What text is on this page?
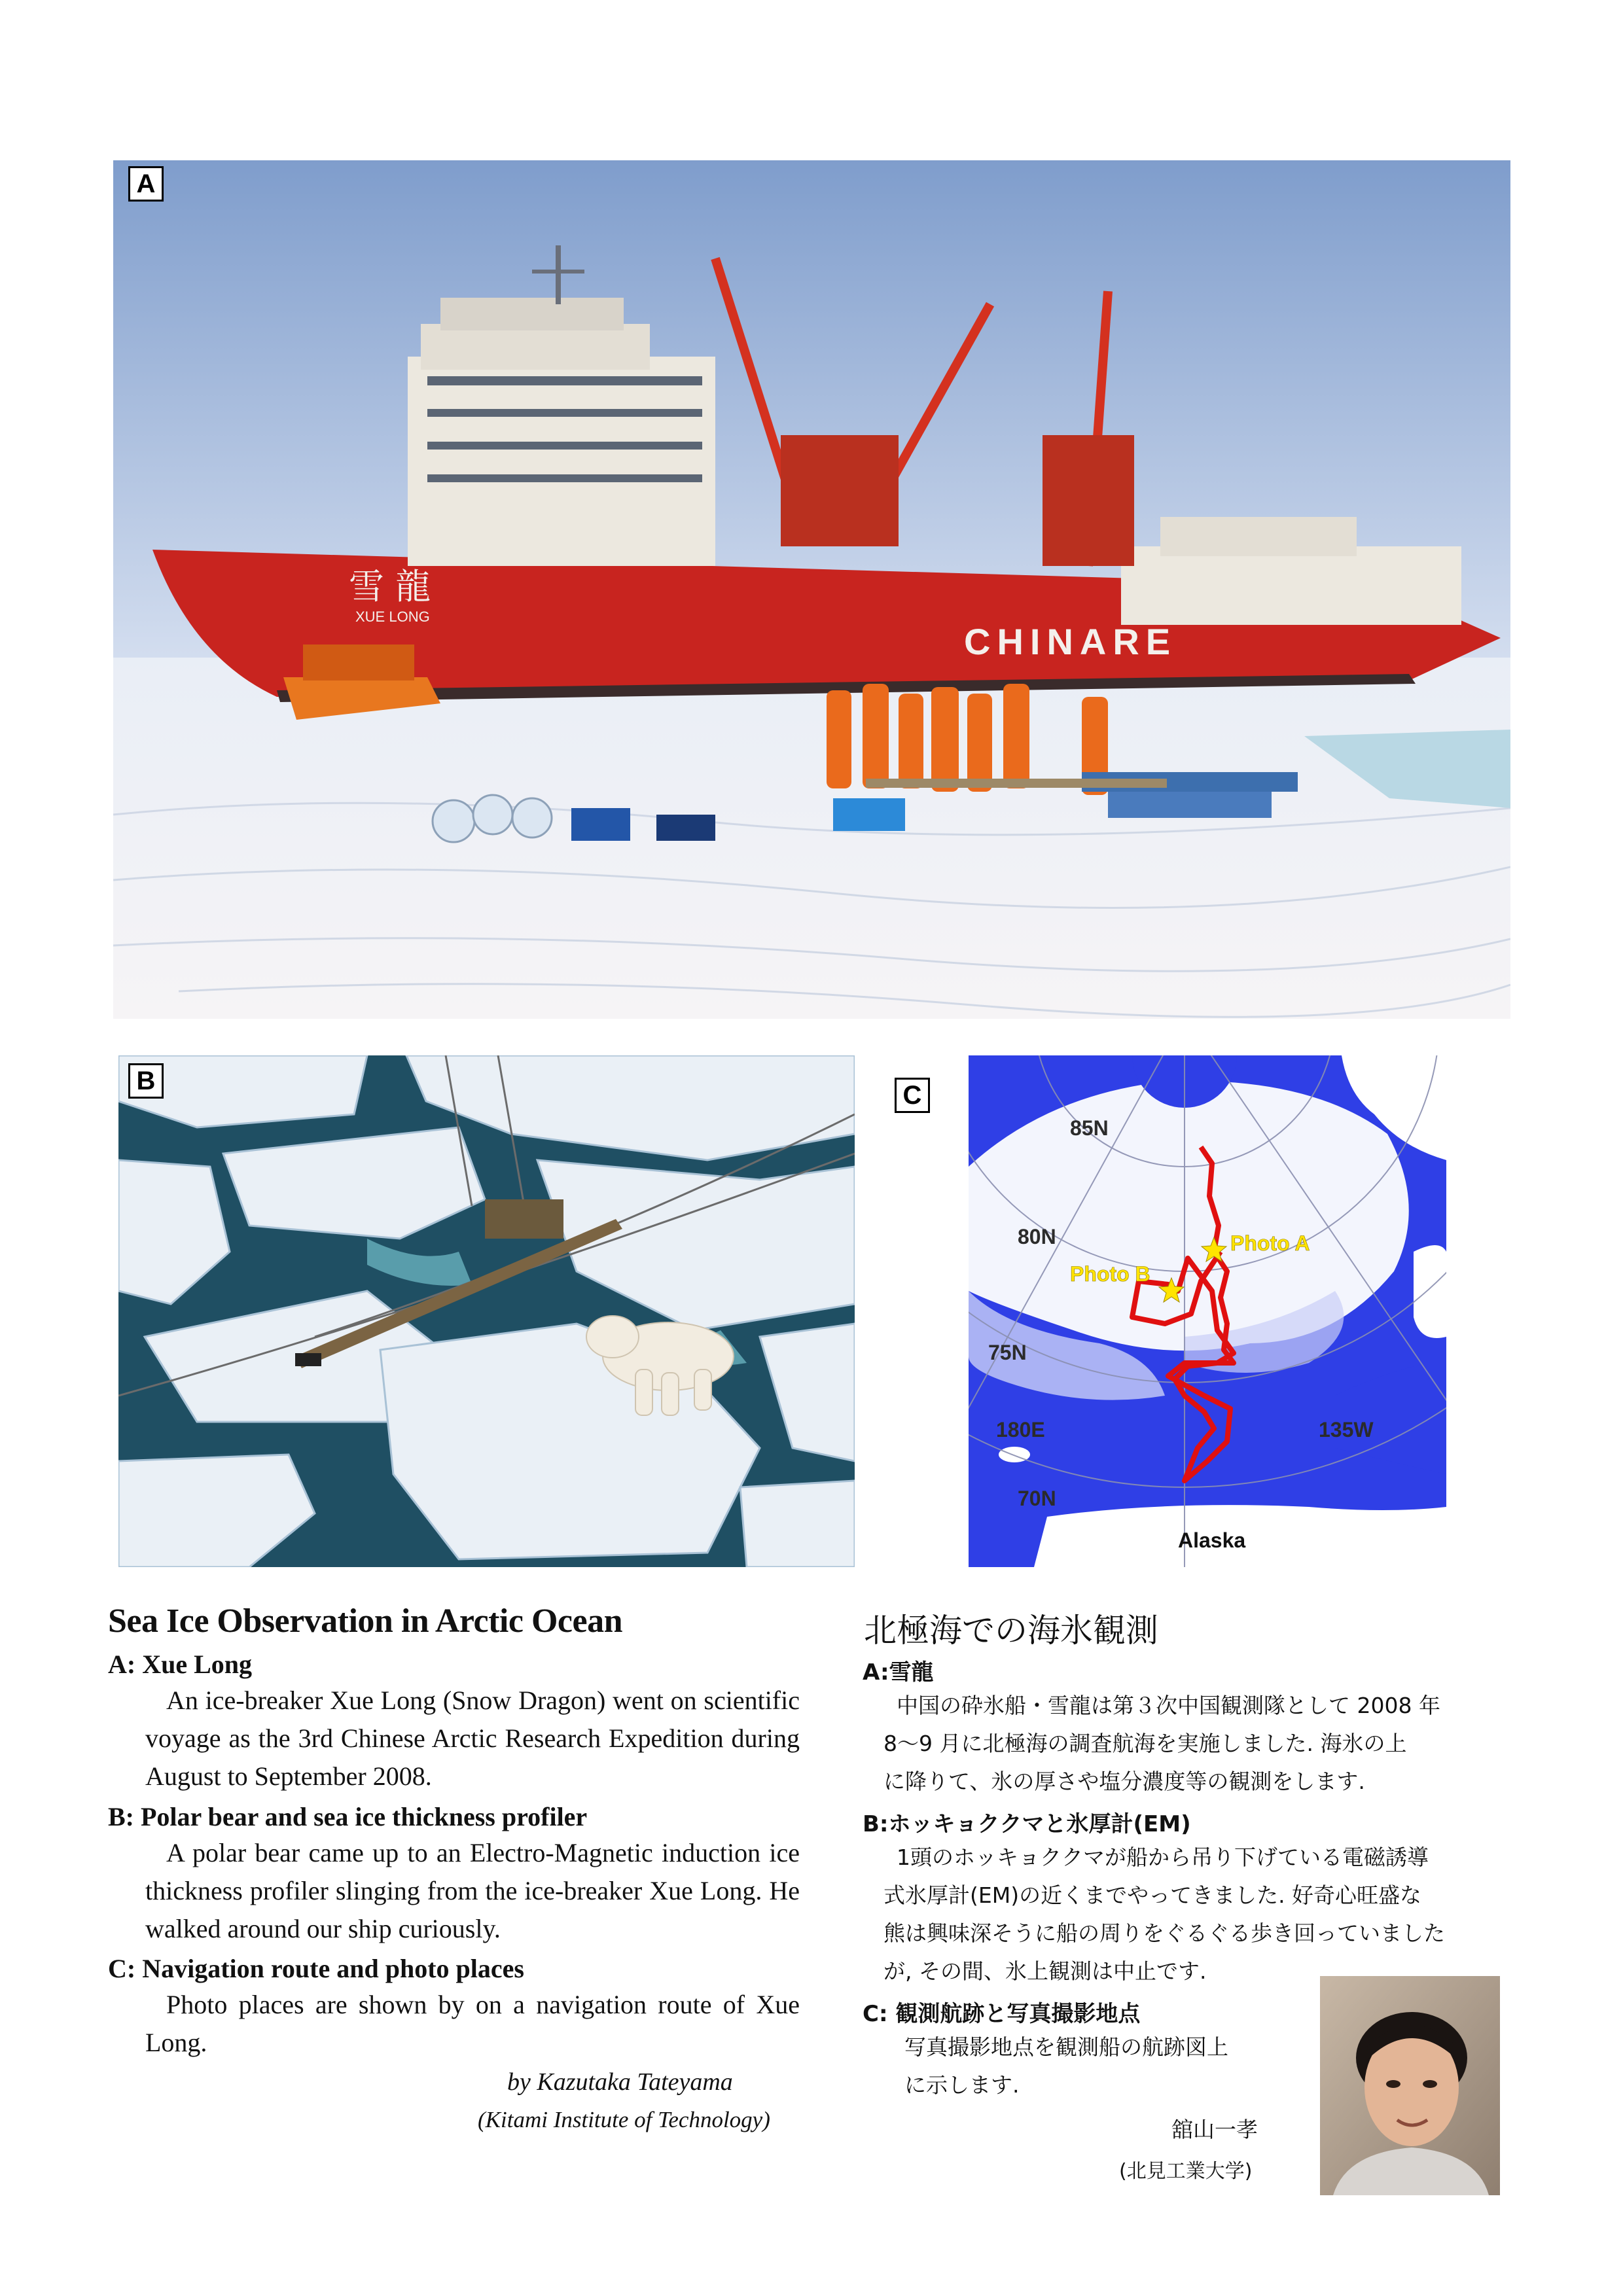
雪 龍
XUE LONG
CHINARE
A
B	C
85N
80N
75N
70N
180E	135W
Alaska
Photo A
Photo B
Sea Ice Observation in Arctic Ocean
A: Xue Long
An ice-breaker Xue Long (Snow Dragon) went on scientific voyage as the 3rd Chinese Arctic Research Expedition during August to September 2008.
B: Polar bear and sea ice thickness profiler
A polar bear came up to an Electro-Magnetic induction ice thickness profiler slinging from the ice-breaker Xue Long. He walked around our ship curiously.
C: Navigation route and photo places
Photo places are shown by on a navigation route of Xue Long.
by Kazutaka Tateyama
(Kitami Institute of Technology)
北極海での海氷観測
A:雪龍
中国の砕氷船・雪龍は第３次中国観測隊として 2008 年
8〜9 月に北極海の調査航海を実施しました. 海氷の上
に降りて、氷の厚さや塩分濃度等の観測をします.
B:ホッキョククマと氷厚計(EM)
1頭のホッキョククマが船から吊り下げている電磁誘導
式氷厚計(EM)の近くまでやってきました. 好奇心旺盛な
熊は興味深そうに船の周りをぐるぐる歩き回っていました
が, その間、氷上観測は中止です.
C: 観測航跡と写真撮影地点
写真撮影地点を観測船の航跡図上
に示します.
舘山一孝
(北見工業大学)
